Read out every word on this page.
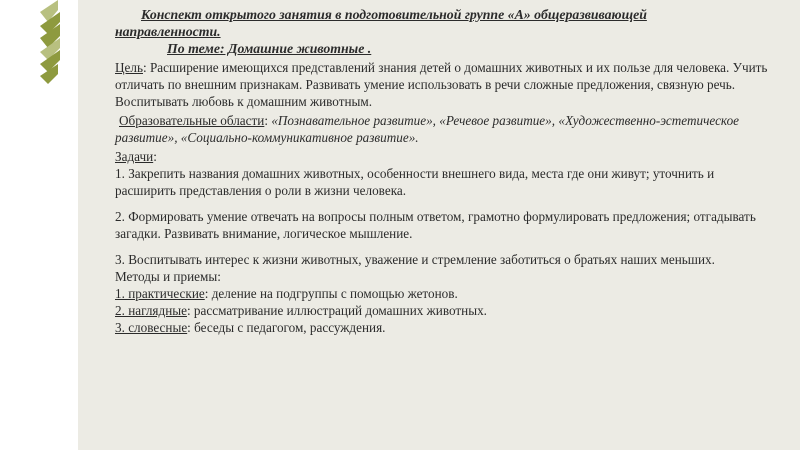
Конспект открытого занятия в подготовительной группе «А» общеразвивающей

направленности.

По теме: Домашние животные .

Цель: Расширение имеющихся представлений знания детей о домашних животных и их пользе для человека. Учить отличать по внешним признакам. Развивать умение использовать в речи сложные предложения, связную речь. Воспитывать любовь к домашним животным.

Образовательные области: «Познавательное развитие», «Речевое развитие», «Художественно-эстетическое развитие», «Социально-коммуникативное развитие».

Задачи:

1. Закрепить названия домашних животных, особенности внешнего вида, места где они живут; уточнить и расширить представления о роли в жизни человека.

2. Формировать умение отвечать на вопросы полным ответом, грамотно формулировать предложения; отгадывать загадки. Развивать внимание, логическое мышление.

3. Воспитывать интерес к жизни животных, уважение и стремление заботиться о братьях наших меньших.

Методы и приемы:

1. практические: деление на подгруппы с помощью жетонов.

2. наглядные: рассматривание иллюстраций домашних животных.

3. словесные: беседы с педагогом, рассуждения.
